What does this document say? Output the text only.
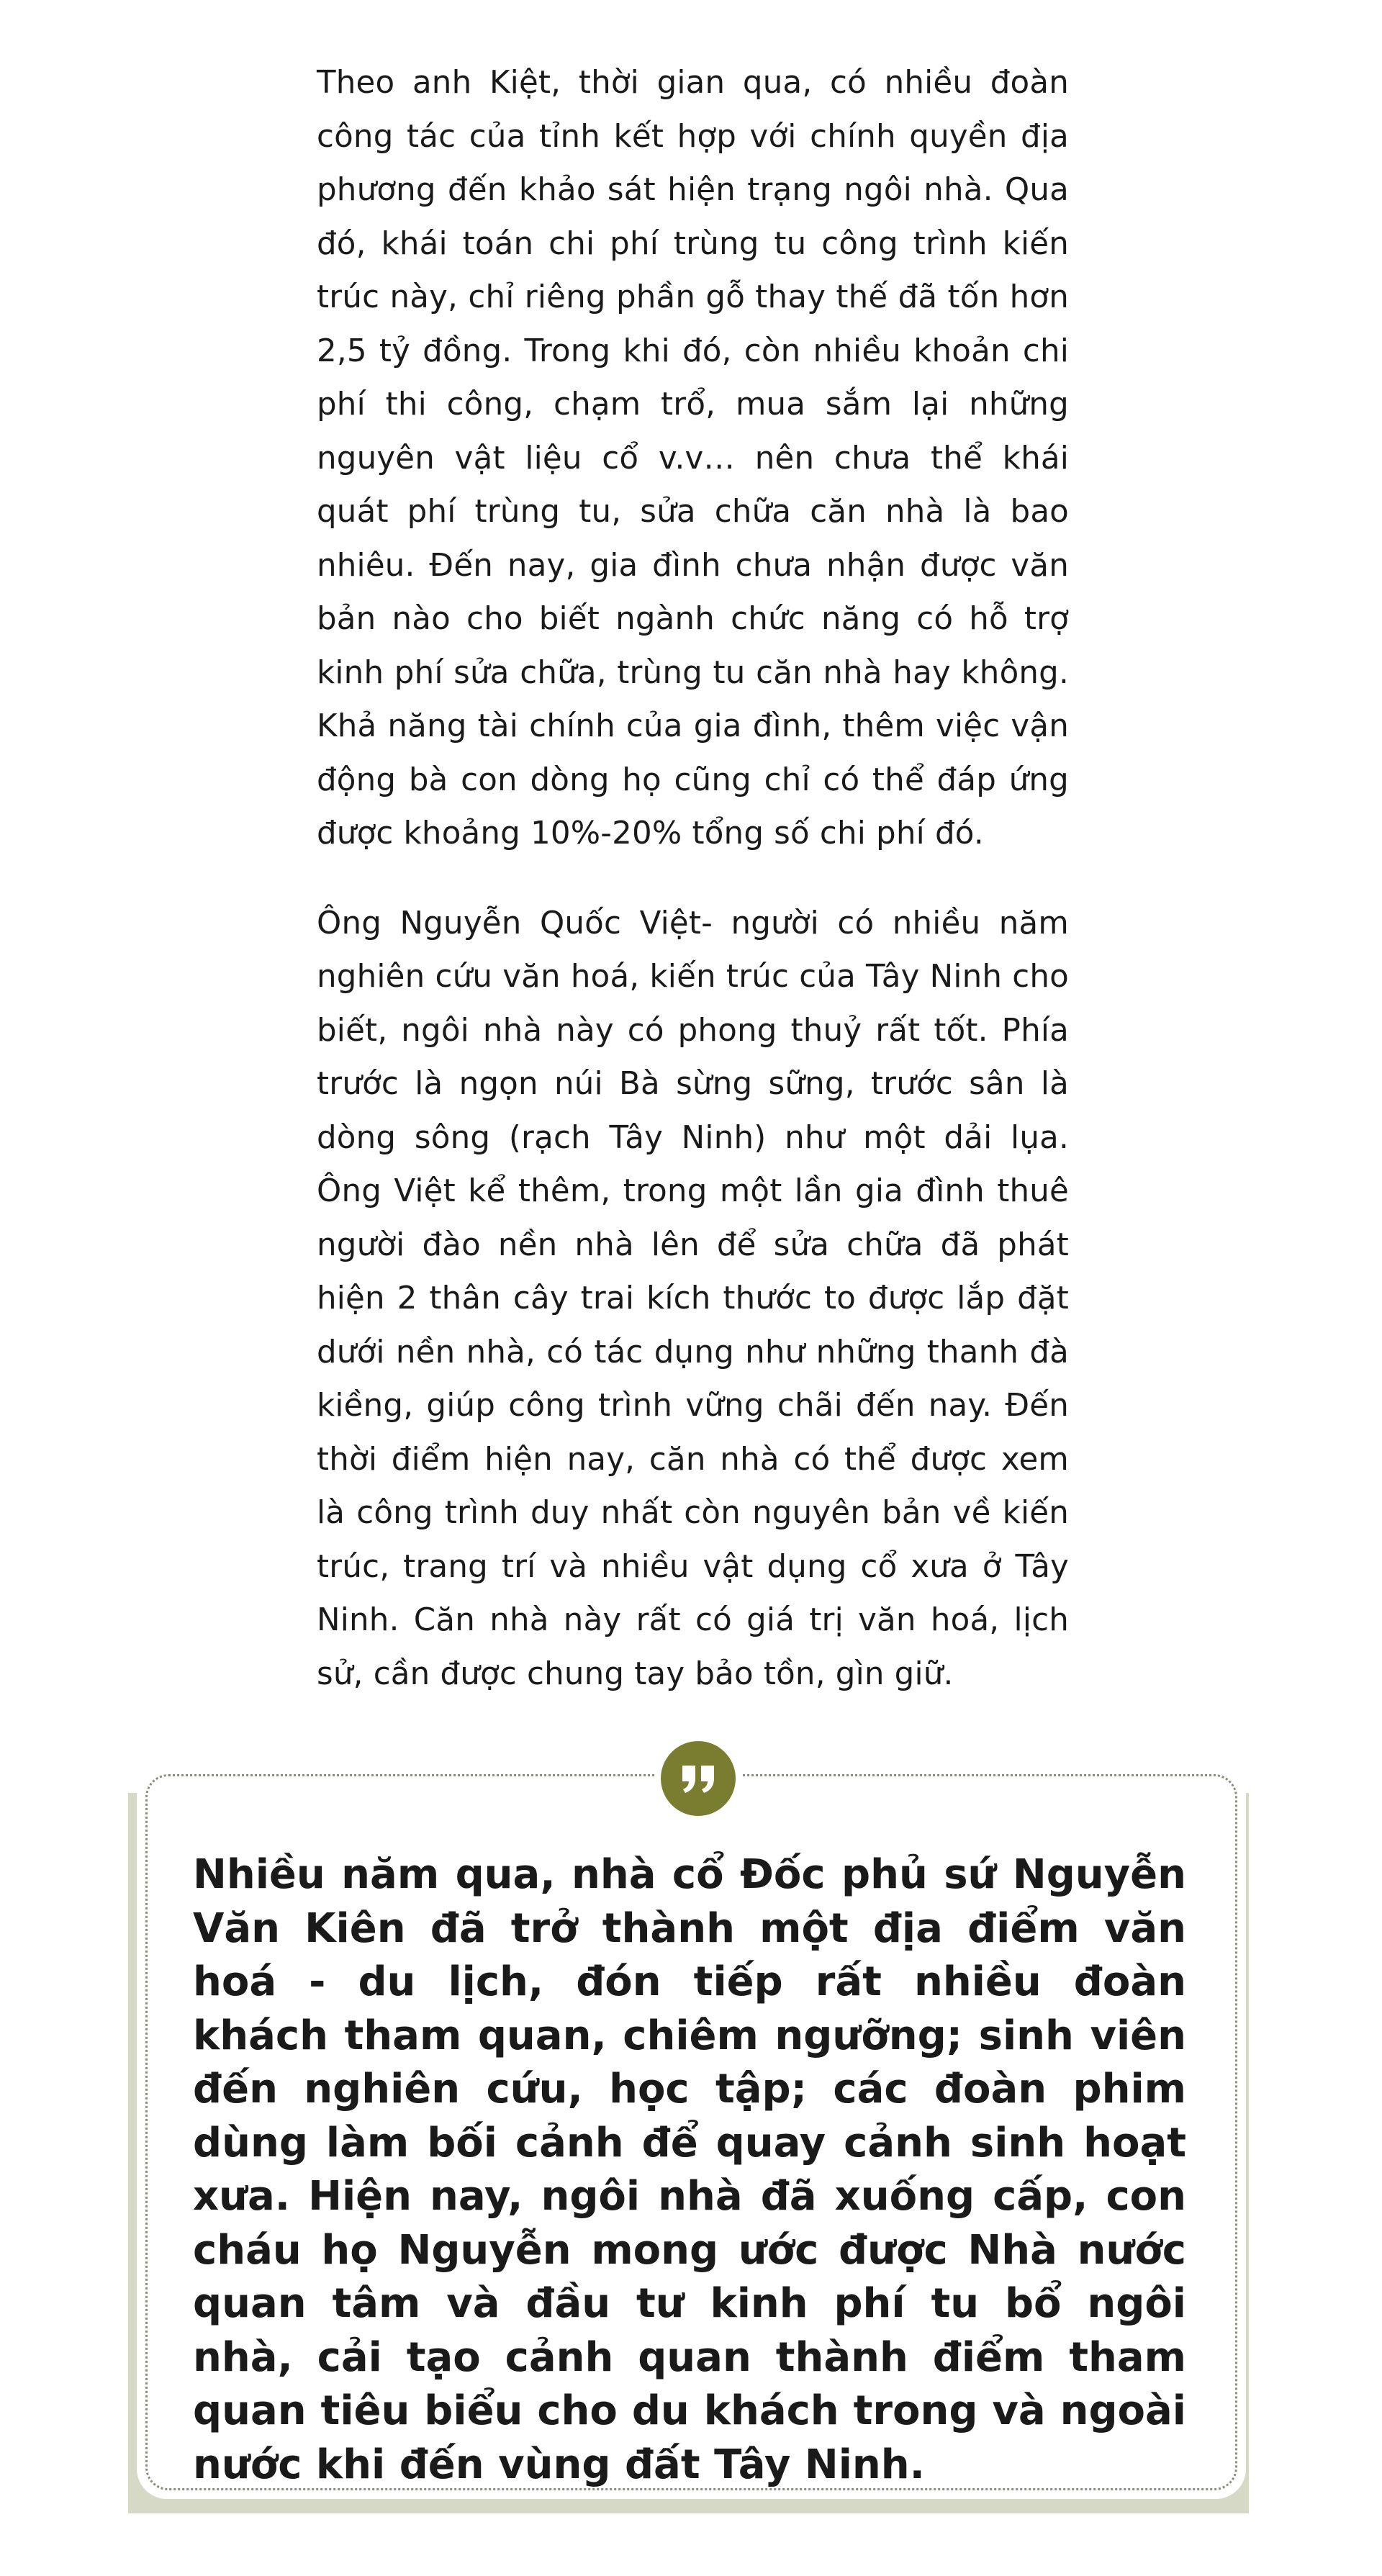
Theo anh Kiệt, thời gian qua, có nhiều đoàn công tác của tỉnh kết hợp với chính quyền địa phương đến khảo sát hiện trạng ngôi nhà. Qua đó, khái toán chi phí trùng tu công trình kiến trúc này, chỉ riêng phần gỗ thay thế đã tốn hơn 2,5 tỷ đồng. Trong khi đó, còn nhiều khoản chi phí thi công, chạm trổ, mua sắm lại những nguyên vật liệu cổ v.v… nên chưa thể khái quát phí trùng tu, sửa chữa căn nhà là bao nhiêu. Đến nay, gia đình chưa nhận được văn bản nào cho biết ngành chức năng có hỗ trợ kinh phí sửa chữa, trùng tu căn nhà hay không. Khả năng tài chính của gia đình, thêm việc vận động bà con dòng họ cũng chỉ có thể đáp ứng được khoảng 10%-20% tổng số chi phí đó.

Ông Nguyễn Quốc Việt- người có nhiều năm nghiên cứu văn hoá, kiến trúc của Tây Ninh cho biết, ngôi nhà này có phong thuỷ rất tốt. Phía trước là ngọn núi Bà sừng sững, trước sân là dòng sông (rạch Tây Ninh) như một dải lụa. Ông Việt kể thêm, trong một lần gia đình thuê người đào nền nhà lên để sửa chữa đã phát hiện 2 thân cây trai kích thước to được lắp đặt dưới nền nhà, có tác dụng như những thanh đà kiềng, giúp công trình vững chãi đến nay. Đến thời điểm hiện nay, căn nhà có thể được xem là công trình duy nhất còn nguyên bản về kiến trúc, trang trí và nhiều vật dụng cổ xưa ở Tây Ninh. Căn nhà này rất có giá trị văn hoá, lịch sử, cần được chung tay bảo tồn, gìn giữ.

Nhiều năm qua, nhà cổ Đốc phủ sứ Nguyễn Văn Kiên đã trở thành một địa điểm văn hoá - du lịch, đón tiếp rất nhiều đoàn khách tham quan, chiêm ngưỡng; sinh viên đến nghiên cứu, học tập; các đoàn phim dùng làm bối cảnh để quay cảnh sinh hoạt xưa. Hiện nay, ngôi nhà đã xuống cấp, con cháu họ Nguyễn mong ước được Nhà nước quan tâm và đầu tư kinh phí tu bổ ngôi nhà, cải tạo cảnh quan thành điểm tham quan tiêu biểu cho du khách trong và ngoài nước khi đến vùng đất Tây Ninh.
